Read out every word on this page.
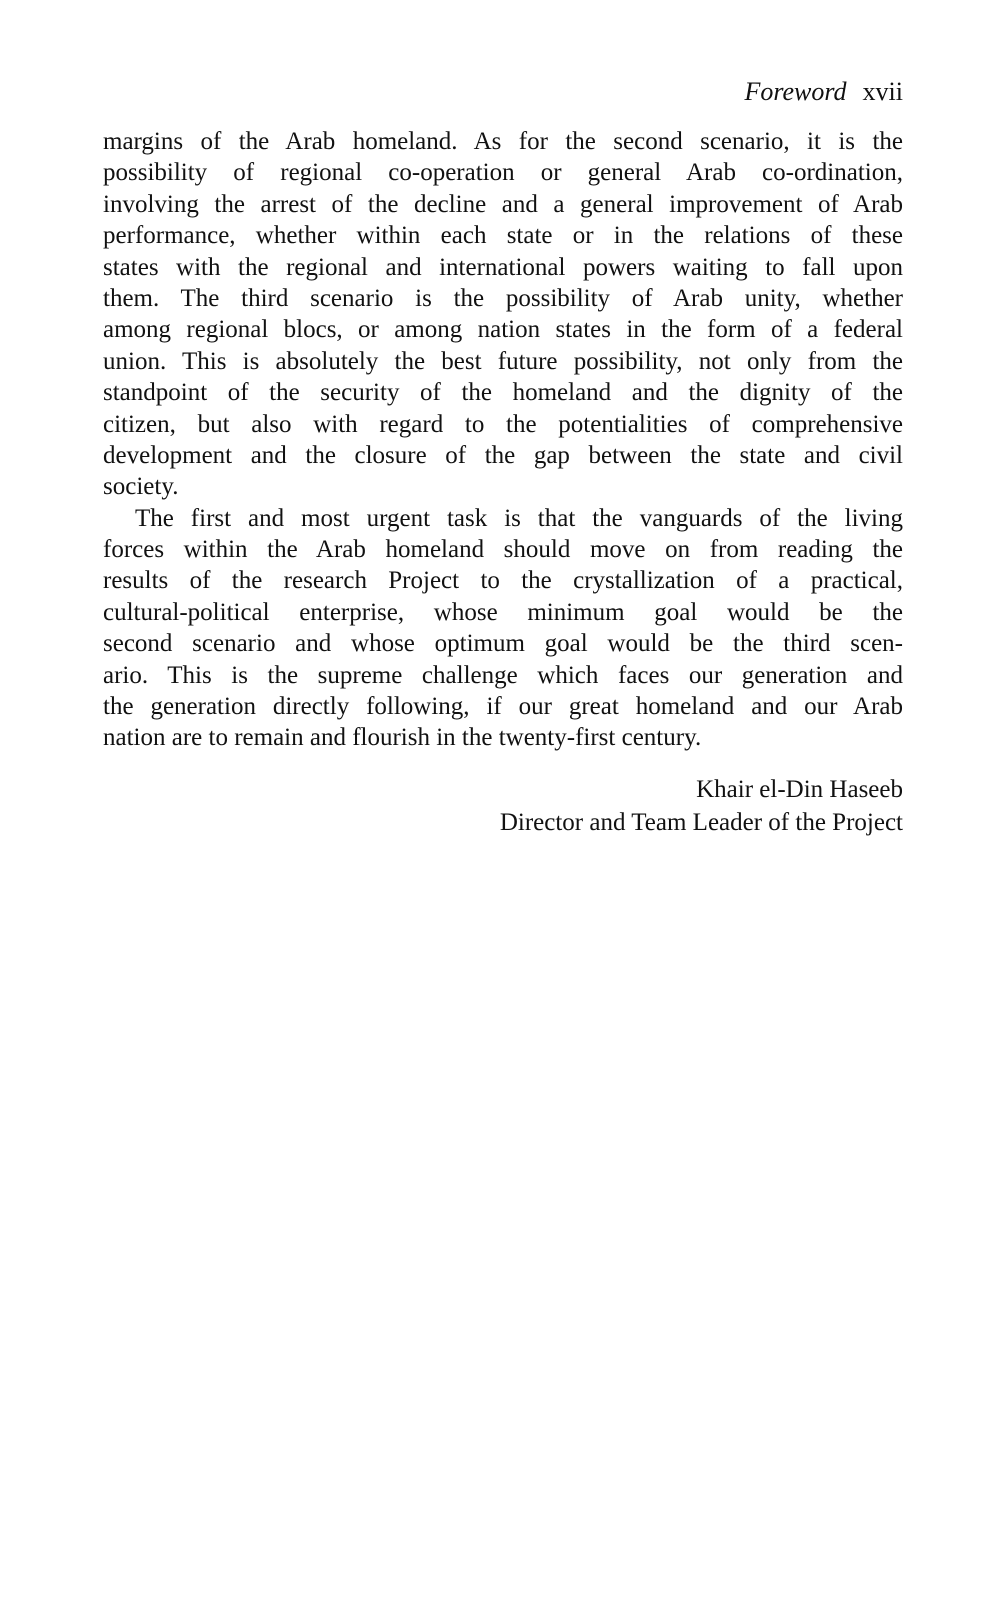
Foreword xvii
margins of the Arab homeland. As for the second scenario, it is the
possibility of regional co-operation or general Arab co-ordination,
involving the arrest of the decline and a general improvement of Arab
performance, whether within each state or in the relations of these
states with the regional and international powers waiting to fall upon
them. The third scenario is the possibility of Arab unity, whether
among regional blocs, or among nation states in the form of a federal
union. This is absolutely the best future possibility, not only from the
standpoint of the security of the homeland and the dignity of the
citizen, but also with regard to the potentialities of comprehensive
development and the closure of the gap between the state and civil
society.
The first and most urgent task is that the vanguards of the living
forces within the Arab homeland should move on from reading the
results of the research Project to the crystallization of a practical,
cultural-political enterprise, whose minimum goal would be the
second scenario and whose optimum goal would be the third scen-
ario. This is the supreme challenge which faces our generation and
the generation directly following, if our great homeland and our Arab
nation are to remain and flourish in the twenty-first century.
Khair el-Din Haseeb
Director and Team Leader of the Project
